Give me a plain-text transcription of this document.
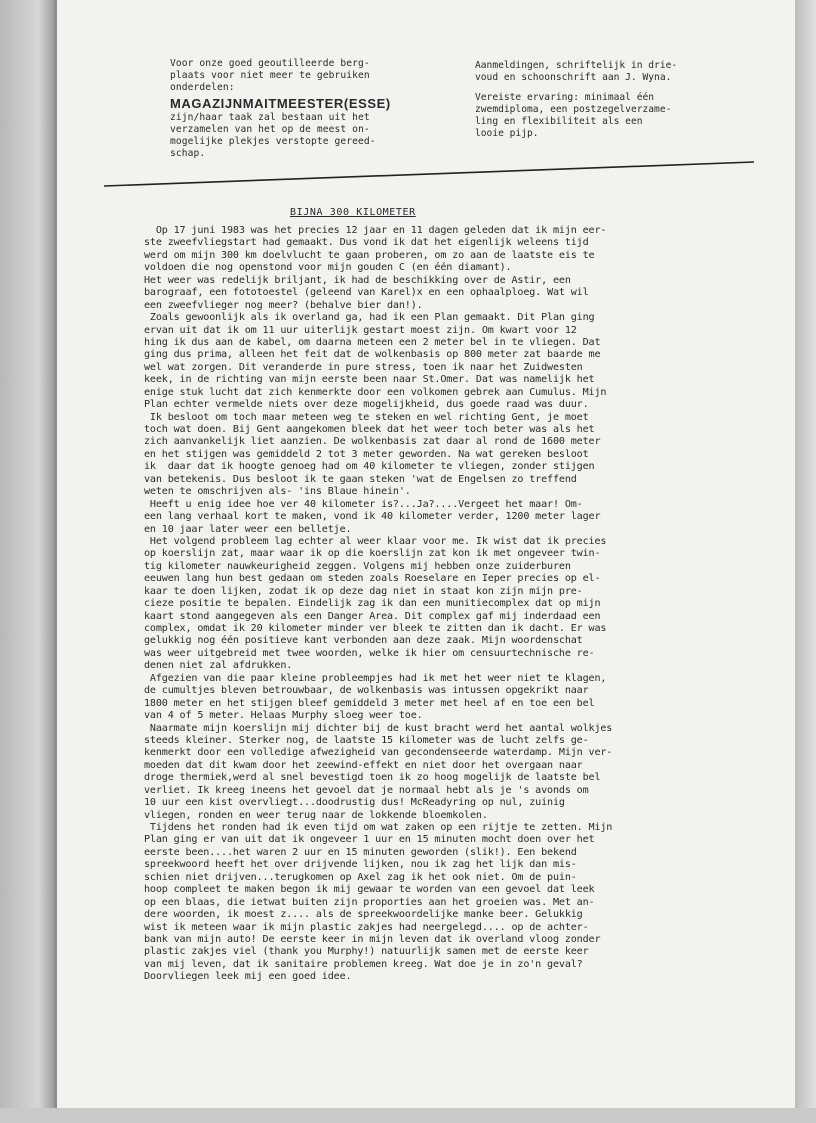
Voor onze goed geoutilleerde berg-
plaats voor niet meer te gebruiken
onderdelen:
MAGAZIJNMAITMEESTER(ESSE)
zijn/haar taak zal bestaan uit het
verzamelen van het op de meest on-
mogelijke plekjes verstopte gereed-
schap.
Aanmeldingen, schriftelijk in drie-
voud en schoonschrift aan J. Wyna.
Vereiste ervaring: minimaal één
zwemdiploma, een postzegelverzame-
ling en flexibiliteit als een
looie pijp.
BIJNA 300 KILOMETER
Op 17 juni 1983 was het precies 12 jaar en 11 dagen geleden dat ik mijn eer-
ste zweefvliegstart had gemaakt. Dus vond ik dat het eigenlijk weleens tijd
werd om mijn 300 km doelvlucht te gaan proberen, om zo aan de laatste eis te
voldoen die nog openstond voor mijn gouden C (en één diamant).
Het weer was redelijk briljant, ik had de beschikking over de Astir, een
barograaf, een fototoestel (geleend van Karel)x en een ophaalploeg. Wat wil
een zweefvlieger nog meer? (behalve bier dan!).
Zoals gewoonlijk als ik overland ga, had ik een Plan gemaakt. Dit Plan ging
ervan uit dat ik om 11 uur uiterlijk gestart moest zijn. Om kwart voor 12
hing ik dus aan de kabel, om daarna meteen een 2 meter bel in te vliegen. Dat
ging dus prima, alleen het feit dat de wolkenbasis op 800 meter zat baarde me
wel wat zorgen. Dit veranderde in pure stress, toen ik naar het Zuidwesten
keek, in de richting van mijn eerste been naar St.Omer. Dat was namelijk het
enige stuk lucht dat zich kenmerkte door een volkomen gebrek aan Cumulus. Mijn
Plan echter vermelde niets over deze mogelijkheid, dus goede raad was duur.
Ik besloot om toch maar meteen weg te steken en wel richting Gent, je moet
toch wat doen. Bij Gent aangekomen bleek dat het weer toch beter was als het
zich aanvankelijk liet aanzien. De wolkenbasis zat daar al rond de 1600 meter
en het stijgen was gemiddeld 2 tot 3 meter geworden. Na wat gereken besloot
ik  daar dat ik hoogte genoeg had om 40 kilometer te vliegen, zonder stijgen
van betekenis. Dus besloot ik te gaan steken 'wat de Engelsen zo treffend
weten te omschrijven als- 'ins Blaue hinein'.
Heeft u enig idee hoe ver 40 kilometer is?...Ja?....Vergeet het maar! Om-
een lang verhaal kort te maken, vond ik 40 kilometer verder, 1200 meter lager
en 10 jaar later weer een belletje.
Het volgend probleem lag echter al weer klaar voor me. Ik wist dat ik precies
op koerslijn zat, maar waar ik op die koerslijn zat kon ik met ongeveer twin-
tig kilometer nauwkeurigheid zeggen. Volgens mij hebben onze zuiderburen
eeuwen lang hun best gedaan om steden zoals Roeselare en Ieper precies op el-
kaar te doen lijken, zodat ik op deze dag niet in staat kon zijn mijn pre-
cieze positie te bepalen. Eindelijk zag ik dan een munitiecomplex dat op mijn
kaart stond aangegeven als een Danger Area. Dit complex gaf mij inderdaad een
complex, omdat ik 20 kilometer minder ver bleek te zitten dan ik dacht. Er was
gelukkig nog één positieve kant verbonden aan deze zaak. Mijn woordenschat
was weer uitgebreid met twee woorden, welke ik hier om censuurtechnische re-
denen niet zal afdrukken.
Afgezien van die paar kleine probleempjes had ik met het weer niet te klagen,
de cumultjes bleven betrouwbaar, de wolkenbasis was intussen opgekrikt naar
1800 meter en het stijgen bleef gemiddeld 3 meter met heel af en toe een bel
van 4 of 5 meter. Helaas Murphy sloeg weer toe.
Naarmate mijn koerslijn mij dichter bij de kust bracht werd het aantal wolkjes
steeds kleiner. Sterker nog, de laatste 15 kilometer was de lucht zelfs ge-
kenmerkt door een volledige afwezigheid van gecondenseerde waterdamp. Mijn ver-
moeden dat dit kwam door het zeewind-effekt en niet door het overgaan naar
droge thermiek,werd al snel bevestigd toen ik zo hoog mogelijk de laatste bel
verliet. Ik kreeg ineens het gevoel dat je normaal hebt als je 's avonds om
10 uur een kist overvliegt...doodrustig dus! McReadyring op nul, zuinig
vliegen, ronden en weer terug naar de lokkende bloemkolen.
Tijdens het ronden had ik even tijd om wat zaken op een rijtje te zetten. Mijn
Plan ging er van uit dat ik ongeveer 1 uur en 15 minuten mocht doen over het
eerste been....het waren 2 uur en 15 minuten geworden (slik!). Een bekend
spreekwoord heeft het over drijvende lijken, nou ik zag het lijk dan mis-
schien niet drijven...terugkomen op Axel zag ik het ook niet. Om de puin-
hoop compleet te maken begon ik mij gewaar te worden van een gevoel dat leek
op een blaas, die ietwat buiten zijn proporties aan het groeien was. Met an-
dere woorden, ik moest z.... als de spreekwoordelijke manke beer. Gelukkig
wist ik meteen waar ik mijn plastic zakjes had neergelegd.... op de achter-
bank van mijn auto! De eerste keer in mijn leven dat ik overland vloog zonder
plastic zakjes viel (thank you Murphy!) natuurlijk samen met de eerste keer
van mij leven, dat ik sanitaire problemen kreeg. Wat doe je in zo'n geval?
Doorvliegen leek mij een goed idee.
